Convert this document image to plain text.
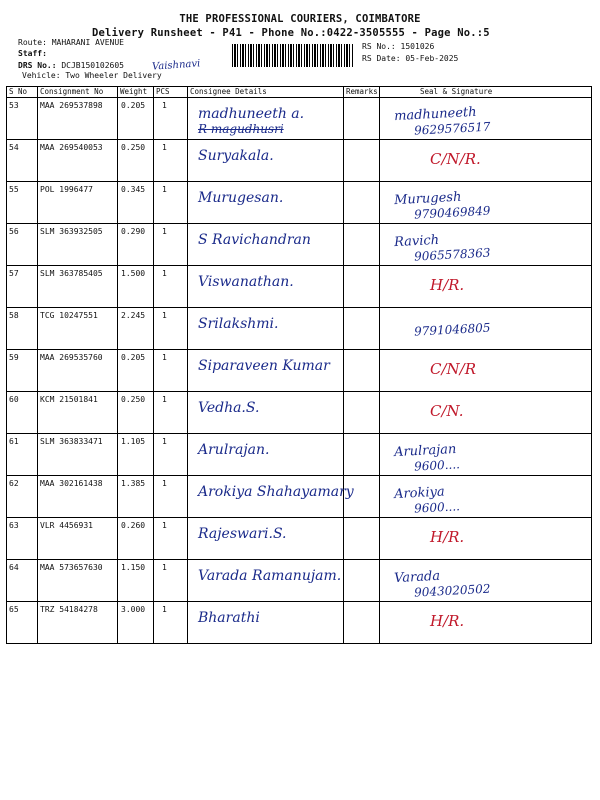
THE PROFESSIONAL COURIERS, COIMBATORE
Delivery Runsheet - P41 - Phone No.:0422-3505555 - Page No.:5
Route: MAHARANI AVENUE
Staff:
DRS No.: DCJB150102605	Vaishnavi
Vehicle: Two Wheeler Delivery
RS No.: 1501026
RS Date: 05-Feb-2025
S No	Consignment No	Weight	PCS	Consignee Details	Remarks	Seal & Signature
53	MAA 269537898	0.205	1	madhuneeth a.
R magudhusri		madhuneeth
9629576517

54	MAA 269540053	0.250	1	Suryakala.		C/N/R.

55	POL 1996477	0.345	1	Murugesan.		Murugesh
9790469849

56	SLM 363932505	0.290	1	S Ravichandran		Ravich
9065578363

57	SLM 363785405	1.500	1	Viswanathan.		H/R.

58	TCG 10247551	2.245	1	Srilakshmi.		9791046805

59	MAA 269535760	0.205	1	Siparaveen Kumar		C/N/R

60	KCM 21501841	0.250	1	Vedha.S.		C/N.

61	SLM 363833471	1.105	1	Arulrajan.		Arulrajan
9600....

62	MAA 302161438	1.385	1	Arokiya Shahayamary		Arokiya
9600....

63	VLR 4456931	0.260	1	Rajeswari.S.		H/R.

64	MAA 573657630	1.150	1	Varada Ramanujam.		Varada
9043020502

65	TRZ 54184278	3.000	1	Bharathi		H/R.
